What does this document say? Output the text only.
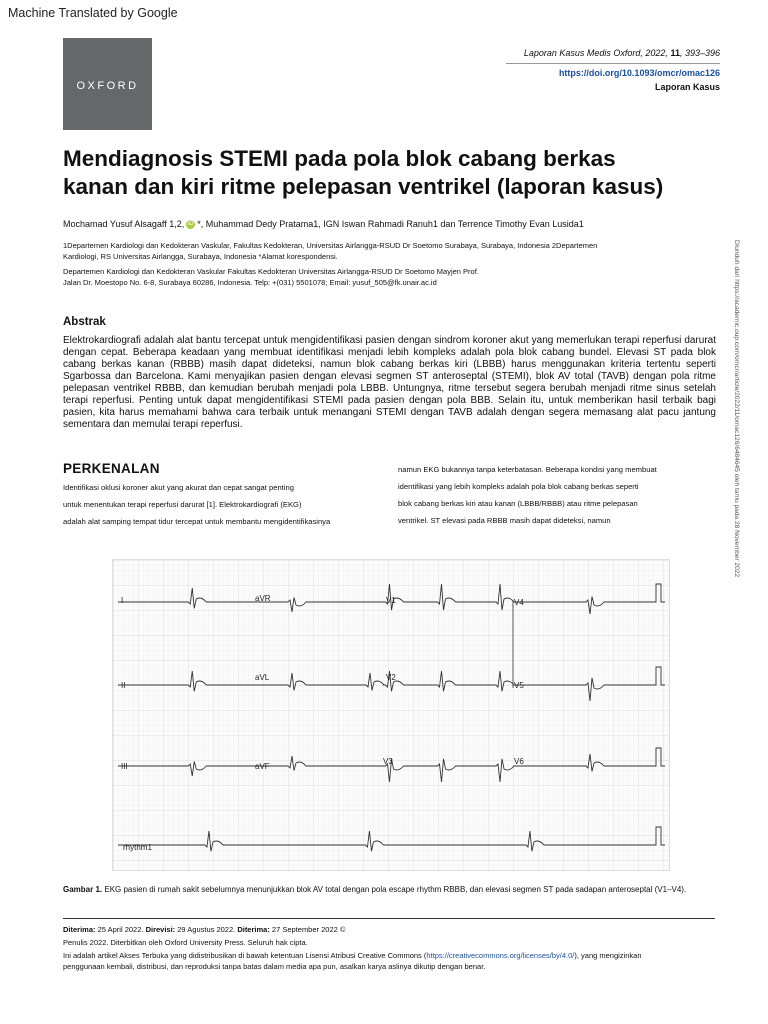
Machine Translated by Google
OXFORD
Laporan Kasus Medis Oxford, 2022, 11, 393–396
https://doi.org/10.1093/omcr/omac126
Laporan Kasus
Mendiagnosis STEMI pada pola blok cabang berkas
kanan dan kiri ritme pelepasan ventrikel (laporan kasus)
Mochamad Yusuf Alsagaff 1,2, iD *, Muhammad Dedy Pratama1, IGN Iswan Rahmadi Ranuh1 dan Terrence Timothy Evan Lusida1
1Departemen Kardiologi dan Kedokteran Vaskular, Fakultas Kedokteran, Universitas Airlangga-RSUD Dr Soetomo Surabaya, Surabaya, Indonesia 2Departemen
Kardiologi, RS Universitas Airlangga, Surabaya, Indonesia *Alamat korespondensi.
Departemen Kardiologi dan Kedokteran Vaskular Fakultas Kedokteran Universitas Airlangga-RSUD Dr Soetomo Mayjen Prof.
Jalan Dr. Moestopo No. 6-8, Surabaya 60286, Indonesia. Telp: +(031) 5501078; Email: yusuf_505@fk.unair.ac.id
Abstrak
Elektrokardiografi adalah alat bantu tercepat untuk mengidentifikasi pasien dengan sindrom koroner akut yang memerlukan terapi reperfusi darurat dengan cepat. Beberapa keadaan yang membuat identifikasi menjadi lebih kompleks adalah pola blok cabang bundel. Elevasi ST pada blok cabang berkas kanan (RBBB) masih dapat dideteksi, namun blok cabang berkas kiri (LBBB) harus menggunakan kriteria tertentu seperti Sgarbossa dan Barcelona. Kami menyajikan pasien dengan elevasi segmen ST anteroseptal (STEMI), blok AV total (TAVB) dengan pola ritme pelepasan ventrikel RBBB, dan kemudian berubah menjadi pola LBBB. Untungnya, ritme tersebut segera berubah menjadi ritme sinus setelah terapi reperfusi. Penting untuk dapat mengidentifikasi STEMI pada pasien dengan pola BBB. Selain itu, untuk memberikan hasil terbaik bagi pasien, kita harus memahami bahwa cara terbaik untuk menangani STEMI dengan TAVB adalah dengan segera memasang alat pacu jantung sementara dan memulai terapi reperfusi.
PERKENALAN
Identifikasi oklusi koroner akut yang akurat dan cepat sangat penting
untuk menentukan terapi reperfusi darurat [1]. Elektrokardiografi (EKG)
adalah alat samping tempat tidur tercepat untuk membantu mengidentifikasinya
namun EKG bukannya tanpa keterbatasan. Beberapa kondisi yang membuat
identifikasi yang lebih kompleks adalah pola blok cabang berkas seperti
blok cabang berkas kiri atau kanan (LBBB/RBBB) atau ritme pelepasan
ventrikel. ST elevasi pada RBBB masih dapat dideteksi, namun
I	aVR	V1	V4
II
aVL	V2
V5
III	aVF
V3	V6
rhythm1
Gambar 1. EKG pasien di rumah sakit sebelumnya menunjukkan blok AV total dengan pola escape rhythm RBBB, dan elevasi segmen ST pada sadapan anteroseptal (V1–V4).
Diterima: 25 April 2022. Direvisi: 29 Agustus 2022. Diterima: 27 September 2022 ©
Penulis 2022. Diterbitkan oleh Oxford University Press. Seluruh hak cipta.
Ini adalah artikel Akses Terbuka yang didistribusikan di bawah ketentuan Lisensi Atribusi Creative Commons (https://creativecommons.org/licenses/by/4.0/), yang mengizinkan
penggunaan kembali, distribusi, dan reproduksi tanpa batas dalam media apa pun, asalkan karya aslinya dikutip dengan benar.
Diunduh dari https://academic.oup.com/omcr/article/2022/11/omac126/6484645 oleh tamu pada 28 November 2022
